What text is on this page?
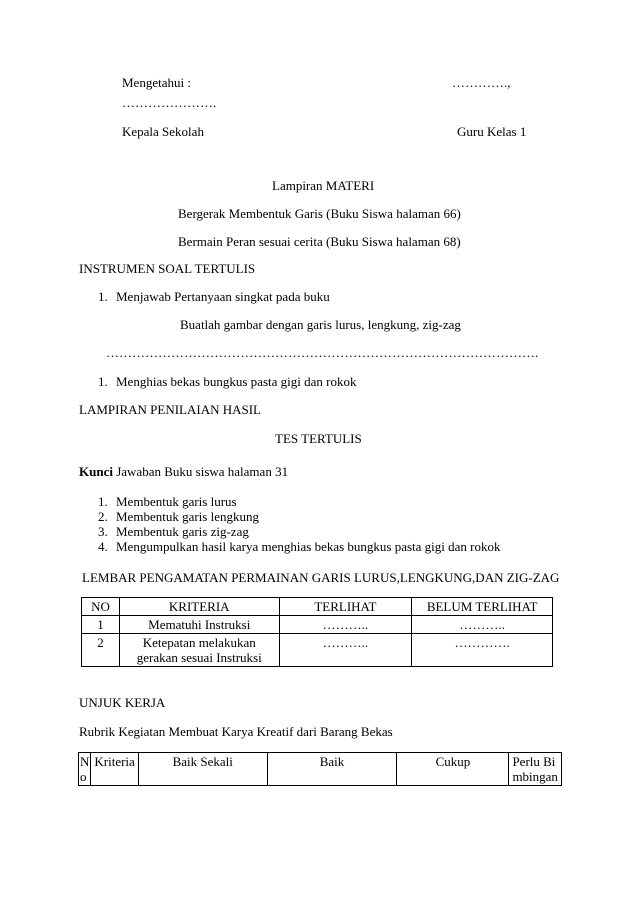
Mengetahui :	………….,
………………….
Kepala Sekolah	Guru Kelas 1
Lampiran MATERI
Bergerak Membentuk Garis (Buku Siswa halaman 66)
Bermain Peran sesuai cerita (Buku Siswa halaman 68)
INSTRUMEN SOAL TERTULIS
1. Menjawab Pertanyaan singkat pada buku
Buatlah gambar dengan garis lurus, lengkung, zig-zag
……………………………………………………………………………………….
1. Menghias bekas bungkus pasta gigi dan rokok
LAMPIRAN PENILAIAN HASIL
TES TERTULIS
Kunci Jawaban Buku siswa halaman 31
1. Membentuk garis lurus
2. Membentuk garis lengkung
3. Membentuk garis zig-zag
4. Mengumpulkan hasil karya menghias bekas bungkus pasta gigi dan rokok
LEMBAR PENGAMATAN PERMAINAN GARIS LURUS,LENGKUNG,DAN ZIG-ZAG
NO	KRITERIA	TERLIHAT	BELUM TERLIHAT
1	Mematuhi Instruksi	………..	………..
2	Ketepatan melakukan gerakan sesuai Instruksi	………..	………….
UNJUK KERJA
Rubrik Kegiatan Membuat Karya Kreatif dari Barang Bekas
No	Kriteria	Baik Sekali	Baik	Cukup	Perlu Bimbingan
